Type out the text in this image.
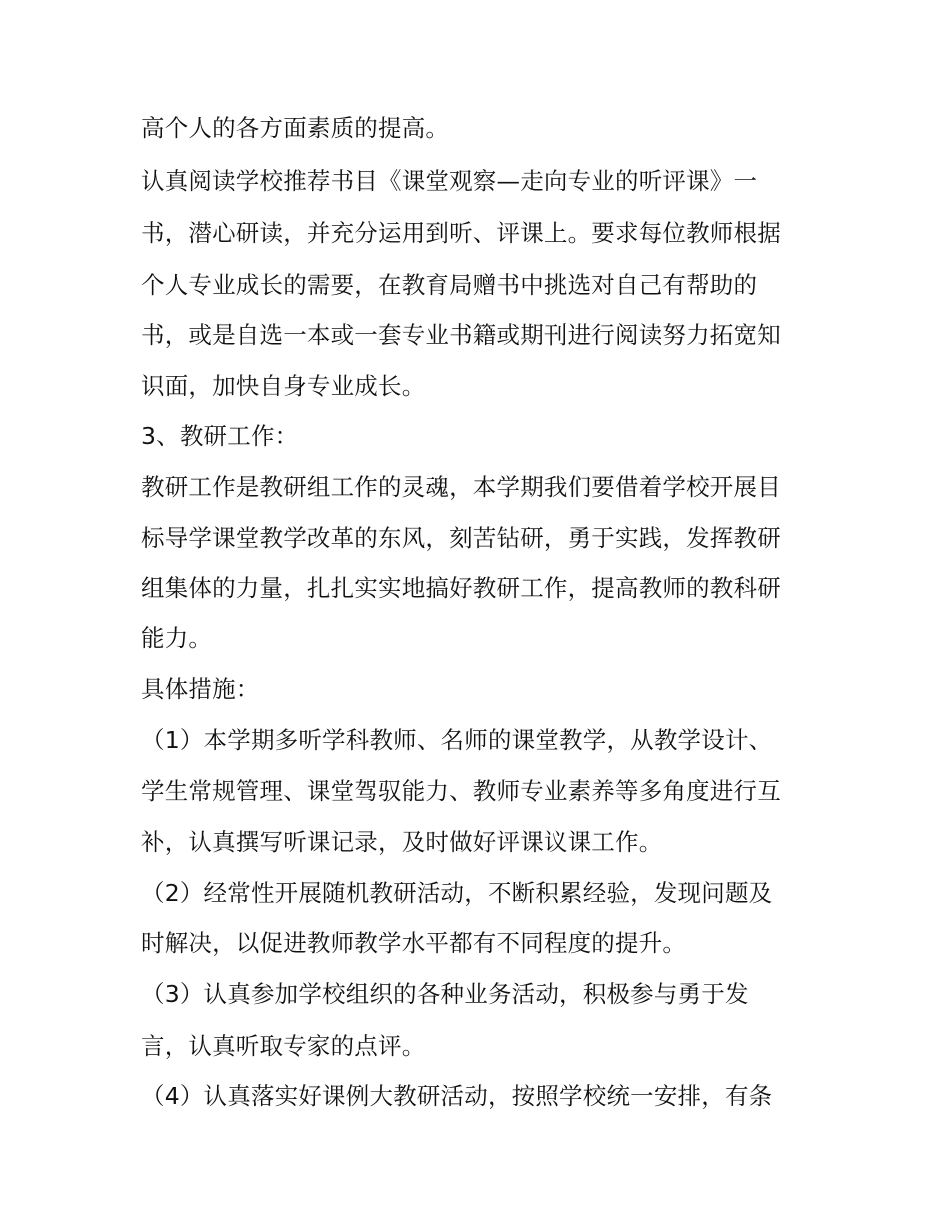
高个人的各方面素质的提高。
认真阅读学校推荐书目《课堂观察—走向专业的听评课》一
书，潜心研读，并充分运用到听、评课上。要求每位教师根据
个人专业成长的需要，在教育局赠书中挑选对自己有帮助的
书，或是自选一本或一套专业书籍或期刊进行阅读努力拓宽知
识面，加快自身专业成长。
3、教研工作：
教研工作是教研组工作的灵魂，本学期我们要借着学校开展目
标导学课堂教学改革的东风，刻苦钻研，勇于实践，发挥教研
组集体的力量，扎扎实实地搞好教研工作，提高教师的教科研
能力。
具体措施：
（1）本学期多听学科教师、名师的课堂教学，从教学设计、
学生常规管理、课堂驾驭能力、教师专业素养等多角度进行互
补，认真撰写听课记录，及时做好评课议课工作。
（2）经常性开展随机教研活动，不断积累经验，发现问题及
时解决，以促进教师教学水平都有不同程度的提升。
（3）认真参加学校组织的各种业务活动，积极参与勇于发
言，认真听取专家的点评。
（4）认真落实好课例大教研活动，按照学校统一安排，有条
